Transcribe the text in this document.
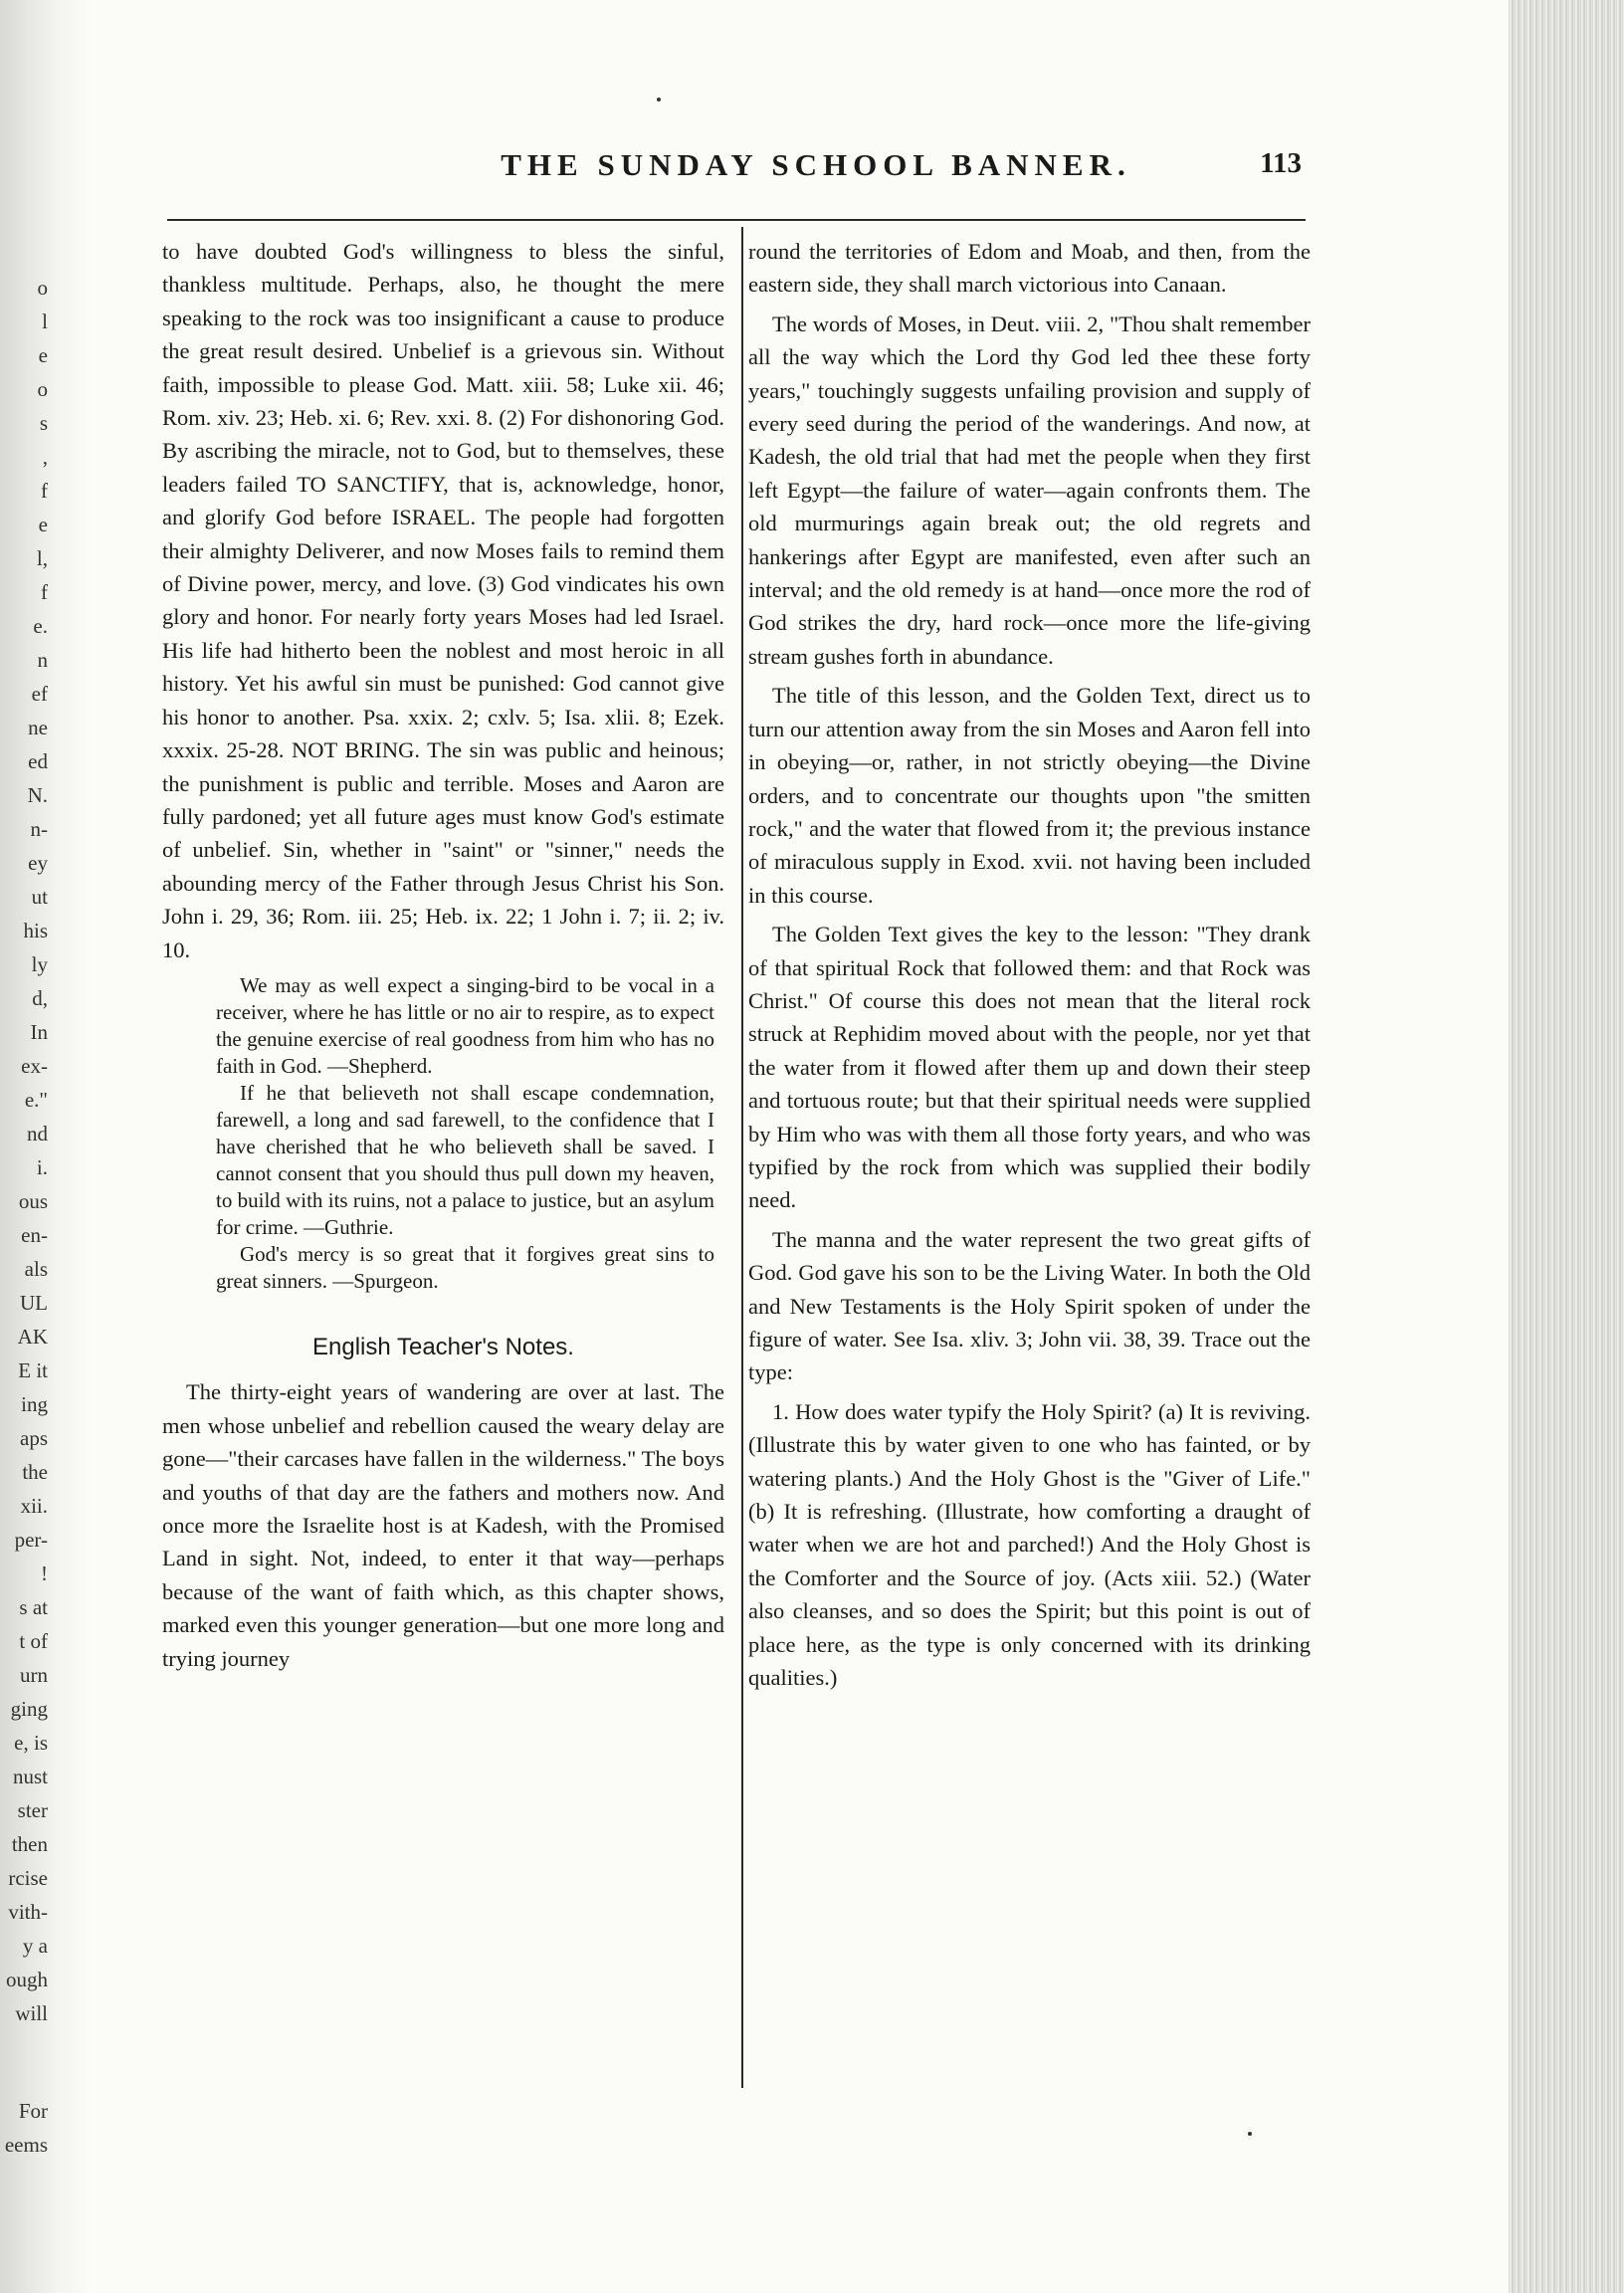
o
l
e
o
s
,
f
e
l,
f
e.
n
ef
ne
ed
N.
n-
ey
ut
his
ly
d,
In
ex-
e."
nd
i.
ous
en-
als
UL
AK
E it
ing
aps
the
xii.
per-
!
s at
t of
urn
ging
e, is
nust
ster
then
rcise
vith-
y a
ough
will
For
eems
THE SUNDAY SCHOOL BANNER.	113

to have doubted God's willingness to bless the sinful, thankless multitude. Perhaps, also, he thought the mere speaking to the rock was too insignificant a cause to produce the great result desired. Unbelief is a grievous sin. Without faith, impossible to please God. Matt. xiii. 58; Luke xii. 46; Rom. xiv. 23; Heb. xi. 6; Rev. xxi. 8. (2) For dishonoring God. By ascribing the miracle, not to God, but to themselves, these leaders failed TO SANCTIFY, that is, acknowledge, honor, and glorify God before ISRAEL. The people had forgotten their almighty Deliverer, and now Moses fails to remind them of Divine power, mercy, and love. (3) God vindicates his own glory and honor. For nearly forty years Moses had led Israel. His life had hitherto been the noblest and most heroic in all history. Yet his awful sin must be punished: God cannot give his honor to another. Psa. xxix. 2; cxlv. 5; Isa. xlii. 8; Ezek. xxxix. 25-28. NOT BRING. The sin was public and heinous; the punishment is public and terrible. Moses and Aaron are fully pardoned; yet all future ages must know God's estimate of unbelief. Sin, whether in "saint" or "sinner," needs the abounding mercy of the Father through Jesus Christ his Son. John i. 29, 36; Rom. iii. 25; Heb. ix. 22; 1 John i. 7; ii. 2; iv. 10.

We may as well expect a singing-bird to be vocal in a receiver, where he has little or no air to respire, as to expect the genuine exercise of real goodness from him who has no faith in God. —Shepherd.

If he that believeth not shall escape condemnation, farewell, a long and sad farewell, to the confidence that I have cherished that he who believeth shall be saved. I cannot consent that you should thus pull down my heaven, to build with its ruins, not a palace to justice, but an asylum for crime. —Guthrie.

God's mercy is so great that it forgives great sins to great sinners. —Spurgeon.

English Teacher's Notes.

The thirty-eight years of wandering are over at last. The men whose unbelief and rebellion caused the weary delay are gone—"their carcases have fallen in the wilderness." The boys and youths of that day are the fathers and mothers now. And once more the Israelite host is at Kadesh, with the Promised Land in sight. Not, indeed, to enter it that way—perhaps because of the want of faith which, as this chapter shows, marked even this younger generation—but one more long and trying journey

round the territories of Edom and Moab, and then, from the eastern side, they shall march victorious into Canaan.

The words of Moses, in Deut. viii. 2, "Thou shalt remember all the way which the Lord thy God led thee these forty years," touchingly suggests unfailing provision and supply of every seed during the period of the wanderings. And now, at Kadesh, the old trial that had met the people when they first left Egypt—the failure of water—again confronts them. The old murmurings again break out; the old regrets and hankerings after Egypt are manifested, even after such an interval; and the old remedy is at hand—once more the rod of God strikes the dry, hard rock—once more the life-giving stream gushes forth in abundance.

The title of this lesson, and the Golden Text, direct us to turn our attention away from the sin Moses and Aaron fell into in obeying—or, rather, in not strictly obeying—the Divine orders, and to concentrate our thoughts upon "the smitten rock," and the water that flowed from it; the previous instance of miraculous supply in Exod. xvii. not having been included in this course.

The Golden Text gives the key to the lesson: "They drank of that spiritual Rock that followed them: and that Rock was Christ." Of course this does not mean that the literal rock struck at Rephidim moved about with the people, nor yet that the water from it flowed after them up and down their steep and tortuous route; but that their spiritual needs were supplied by Him who was with them all those forty years, and who was typified by the rock from which was supplied their bodily need.

The manna and the water represent the two great gifts of God. God gave his son to be the Living Water. In both the Old and New Testaments is the Holy Spirit spoken of under the figure of water. See Isa. xliv. 3; John vii. 38, 39. Trace out the type:

1. How does water typify the Holy Spirit? (a) It is reviving. (Illustrate this by water given to one who has fainted, or by watering plants.) And the Holy Ghost is the "Giver of Life." (b) It is refreshing. (Illustrate, how comforting a draught of water when we are hot and parched!) And the Holy Ghost is the Comforter and the Source of joy. (Acts xiii. 52.) (Water also cleanses, and so does the Spirit; but this point is out of place here, as the type is only concerned with its drinking qualities.)
